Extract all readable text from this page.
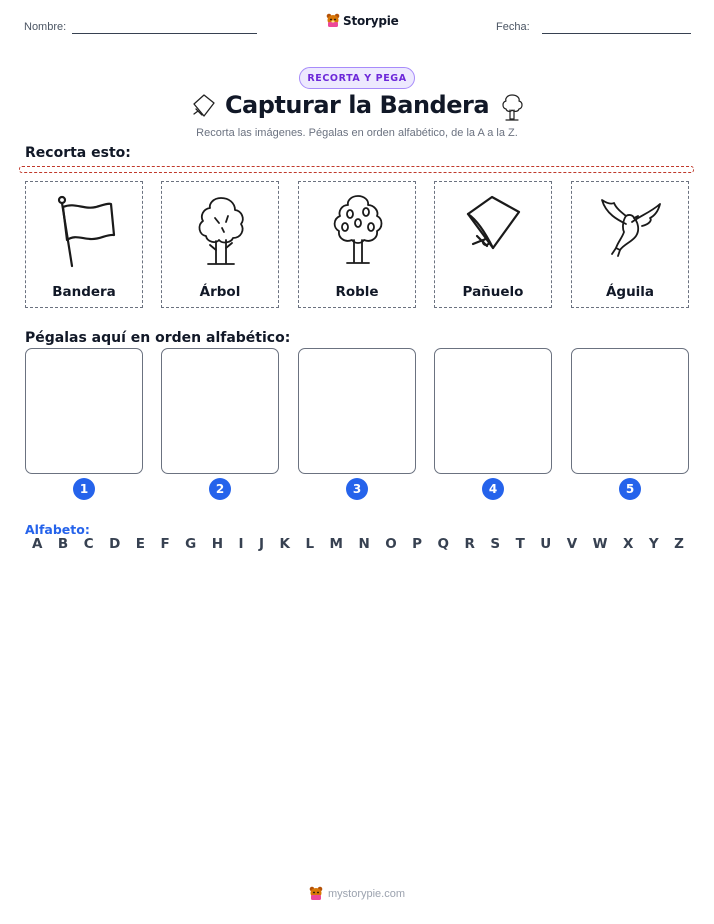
Nombre:	Storypie	Fecha:
RECORTA Y PEGA
Capturar la Bandera
Recorta las imágenes. Pégalas en orden alfabético, de la A a la Z.
Recorta esto:
Bandera	Árbol	Roble	Pañuelo	Águila
Pégalas aquí en orden alfabético:
1	2	3	4	5
Alfabeto:
A B C D E F G H I J K L M N O P Q R S T U V W X Y Z
mystorypie.com
